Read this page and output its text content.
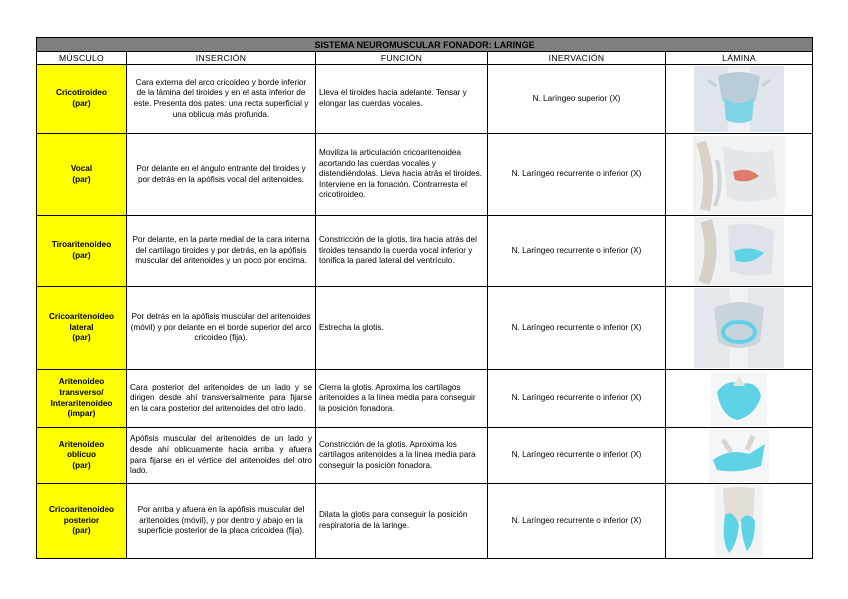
SISTEMA NEUROMUSCULAR FONADOR: LARINGE				
MÚSCULO	INSERCIÓN	FUNCIÓN	INERVACIÓN	LÁMINA

Cricotiroideo
(par)	Cara externa del arco cricoideo y borde inferior de la lámina del tiroides y en el asta inferior de este. Presenta dos pates: una recta superficial y una oblicua más profunda.	Lleva el tiroides hacia adelante. Tensar y elongar las cuerdas vocales.	N. Laríngeo superior (X)	

Vocal
(par)	Por delante en el ángulo entrante del tiroides y por detrás en la apófisis vocal del aritenoides.	Moviliza la articulación cricoaritenoidea acortando las cuerdas vocales y distendiéndolas. Lleva hacia atrás el tiroides. Interviene en la fonación. Contrarresta el cricotiroideo.	N. Laríngeo recurrente o inferior (X)	

Tiroaritenoideo
(par)	Por delante, en la parte medial de la cara interna del cartílago tiroides y por detrás, en la apófisis muscular del aritenoides y un poco por encima.	Constricción de la glotis, tira hacia atrás del tiroides tensando la cuerda vocal inferior y tonifica la pared lateral del ventrículo.	N. Laríngeo recurrente o inferior (X)	

Cricoaritenoideo
lateral
(par)	Por detrás en la apófisis muscular del aritenoides (móvil) y por delante en el borde superior del arco cricoideo (fija).	Estrecha la glotis.	N. Laríngeo recurrente o inferior (X)	

Aritenoideo
transverso/
Interaritenoideo
(impar)	Cara posterior del aritenoides de un lado y se dirigen desde ahí transversalmente para fijarse en la cara posterior del aritenoides del otro lado.	Cierra la glotis. Aproxima los cartílagos aritenoides a la línea media para conseguir la posición fonadora.	N. Laríngeo recurrente o inferior (X)	

Aritenoideo
oblicuo
(par)	Apófisis muscular del aritenoides de un lado y desde ahí oblicuamente hacia arriba y afuera para fijarse en el vértice del aritenoides del otro lado.	Constricción de la glotis. Aproxima los cartílagos aritenoides a la línea media para conseguir la posición fonadora.	N. Laríngeo recurrente o inferior (X)	

Cricoaritenoideo
posterior
(par)	Por arriba y afuera en la apófisis muscular del aritenoides (móvil), y por dentro y abajo en la superficie posterior de la placa cricoidea (fija).	Dilata la glotis para conseguir la posición respiratoria de la laringe.	N. Laríngeo recurrente o inferior (X)	
